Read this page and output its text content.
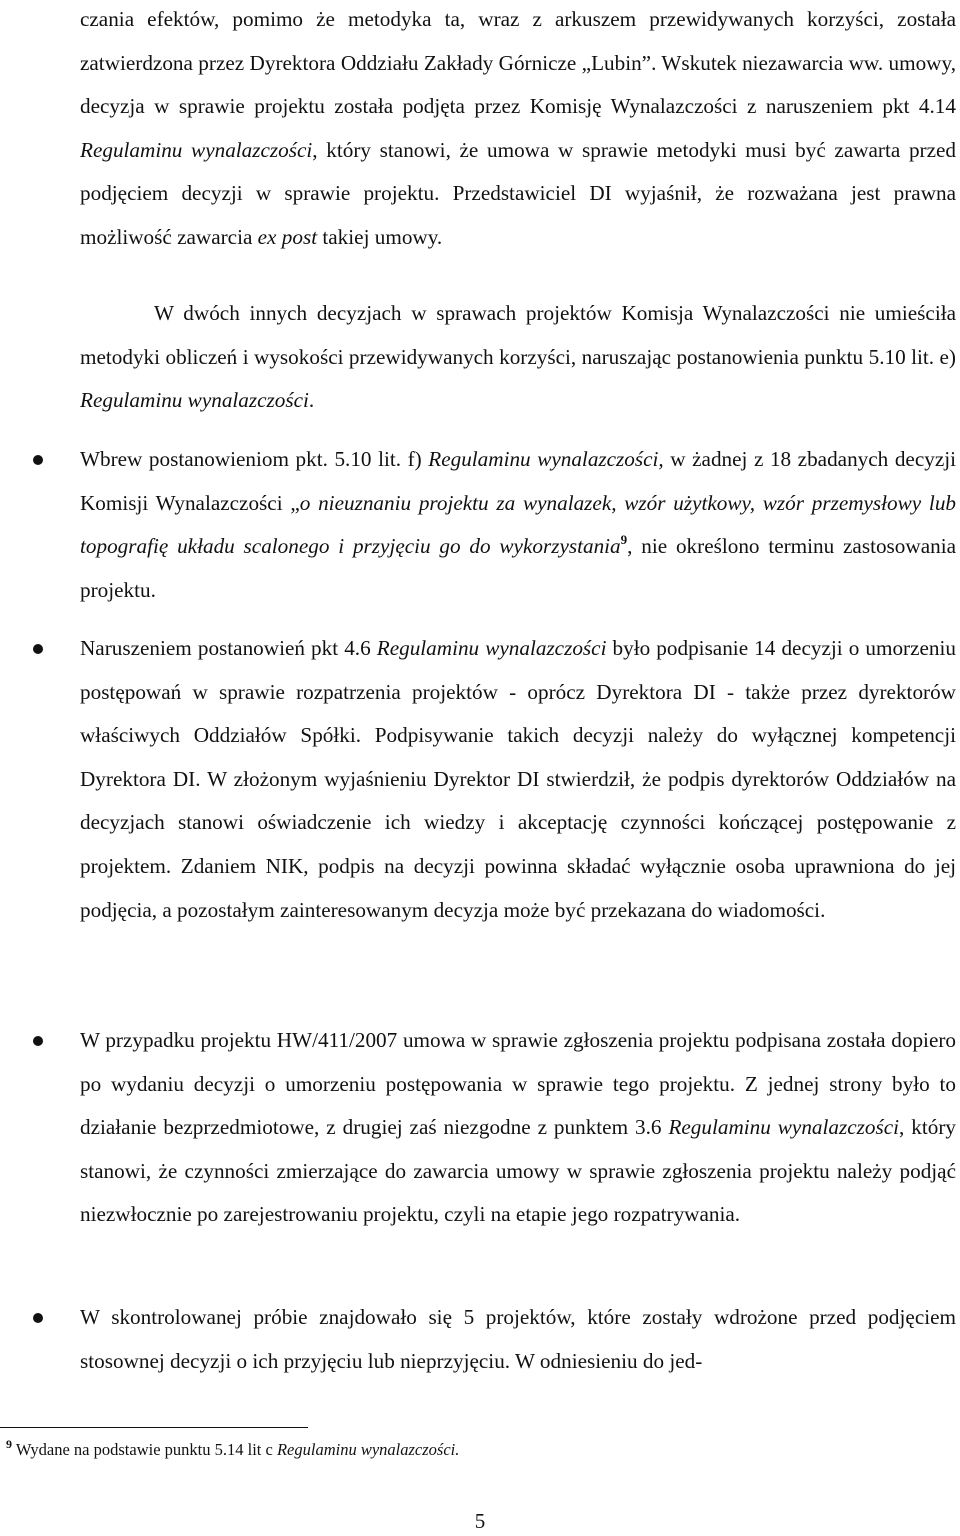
czania efektów, pomimo że metodyka ta, wraz z arkuszem przewidywanych korzyści, została zatwierdzona przez Dyrektora Oddziału Zakłady Górnicze „Lubin”. Wskutek niezawarcia ww. umowy, decyzja w sprawie projektu została podjęta przez Komisję Wynalazczości z naruszeniem pkt 4.14 Regulaminu wynalazczości, który stanowi, że umowa w sprawie metodyki musi być zawarta przed podjęciem decyzji w sprawie projektu. Przedstawiciel DI wyjaśnił, że rozważana jest prawna możliwość zawarcia ex post takiej umowy.

W dwóch innych decyzjach w sprawach projektów Komisja Wynalazczości nie umieściła metodyki obliczeń i wysokości przewidywanych korzyści, naruszając postanowienia punktu 5.10 lit. e) Regulaminu wynalazczości.

Wbrew postanowieniom pkt. 5.10 lit. f) Regulaminu wynalazczości, w żadnej z 18 zbadanych decyzji Komisji Wynalazczości „o nieuznaniu projektu za wynalazek, wzór użytkowy, wzór przemysłowy lub topografię układu scalonego i przyjęciu go do wykorzystania$^9$, nie określono terminu zastosowania projektu.

Naruszeniem postanowień pkt 4.6 Regulaminu wynalazczości było podpisanie 14 decyzji o umorzeniu postępowań w sprawie rozpatrzenia projektów - oprócz Dyrektora DI - także przez dyrektorów właściwych Oddziałów Spółki. Podpisywanie takich decyzji należy do wyłącznej kompetencji Dyrektora DI. W złożonym wyjaśnieniu Dyrektor DI stwierdził, że podpis dyrektorów Oddziałów na decyzjach stanowi oświadczenie ich wiedzy i akceptację czynności kończącej postępowanie z projektem. Zdaniem NIK, podpis na decyzji powinna składać wyłącznie osoba uprawniona do jej podjęcia, a pozostałym zainteresowanym decyzja może być przekazana do wiadomości.

W przypadku projektu HW/411/2007 umowa w sprawie zgłoszenia projektu podpisana została dopiero po wydaniu decyzji o umorzeniu postępowania w sprawie tego projektu. Z jednej strony było to działanie bezprzedmiotowe, z drugiej zaś niezgodne z punktem 3.6 Regulaminu wynalazczości, który stanowi, że czynności zmierzające do zawarcia umowy w sprawie zgłoszenia projektu należy podjąć niezwłocznie po zarejestrowaniu projektu, czyli na etapie jego rozpatrywania.

W skontrolowanej próbie znajdowało się 5 projektów, które zostały wdrożone przed podjęciem stosownej decyzji o ich przyjęciu lub nieprzyjęciu. W odniesieniu do jed-

$^9$ Wydane na podstawie punktu 5.14 lit c Regulaminu wynalazczości.

5
